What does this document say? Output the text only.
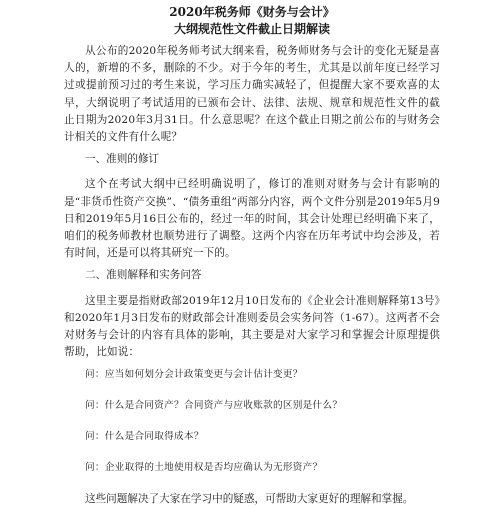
2020年税务师《财务与会计》
大纲规范性文件截止日期解读

从公布的2020年税务师考试大纲来看，税务师财务与会计的变化无疑是喜人的，新增的不多，删除的不少。对于今年的考生，尤其是以前年度已经学习过或提前预习过的考生来说，学习压力确实减轻了，但提醒大家不要欢喜的太早，大纲说明了考试适用的已颁布会计、法律、法规、规章和规范性文件的截止日期为2020年3月31日。什么意思呢？在这个截止日期之前公布的与财务会计相关的文件有什么呢？

一、准则的修订

这个在考试大纲中已经明确说明了，修订的准则对财务与会计有影响的是“非货币性资产交换”、“债务重组”两部分内容，两个文件分别是2019年5月9日和2019年5月16日公布的，经过一年的时间，其会计处理已经明确下来了，咱们的税务师教材也顺势进行了调整。这两个内容在历年考试中均会涉及，若有时间，还是可以将其研究一下的。

二、准则解释和实务问答

这里主要是指财政部2019年12月10日发布的《企业会计准则解释第13号》和2020年1月3日发布的财政部会计准则委员会实务问答（1-67）。这两者不会对财务与会计的内容有具体的影响，其主要是对大家学习和掌握会计原理提供帮助，比如说：

问：应当如何划分会计政策变更与会计估计变更？
问：什么是合同资产？合同资产与应收账款的区别是什么？
问：什么是合同取得成本？
问：企业取得的土地使用权是否均应确认为无形资产？

这些问题解决了大家在学习中的疑惑，可帮助大家更好的理解和掌握。
